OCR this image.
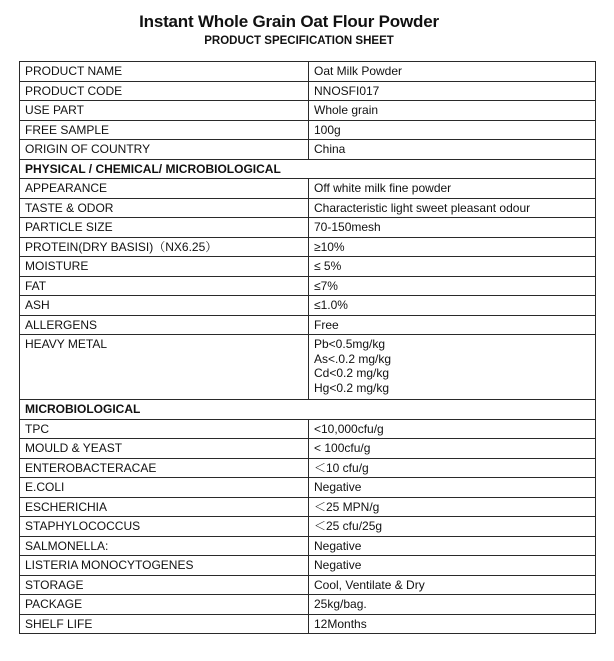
Instant Whole Grain Oat Flour Powder
PRODUCT SPECIFICATION SHEET
PRODUCT NAME	Oat Milk Powder
PRODUCT CODE	NNOSFI017
USE PART	Whole grain
FREE SAMPLE	100g
ORIGIN OF COUNTRY	China
PHYSICAL / CHEMICAL/ MICROBIOLOGICAL	
APPEARANCE	Off white milk fine powder
TASTE & ODOR	Characteristic light sweet pleasant odour
PARTICLE SIZE	70-150mesh
PROTEIN(DRY BASISI)（NX6.25）	≥10%
MOISTURE	≤ 5%
FAT	≤7%
ASH	≤1.0%
ALLERGENS	Free
HEAVY METAL	Pb<0.5mg/kg
As<.0.2 mg/kg
Cd<0.2 mg/kg
Hg<0.2 mg/kg

MICROBIOLOGICAL	
TPC	<10,000cfu/g
MOULD & YEAST	< 100cfu/g
ENTEROBACTERACAE	＜10 cfu/g
E.COLI	Negative
ESCHERICHIA	＜25 MPN/g
STAPHYLOCOCCUS	＜25 cfu/25g
SALMONELLA:	Negative
LISTERIA MONOCYTOGENES	Negative
STORAGE	Cool, Ventilate & Dry
PACKAGE	25kg/bag.
SHELF LIFE	12Months
